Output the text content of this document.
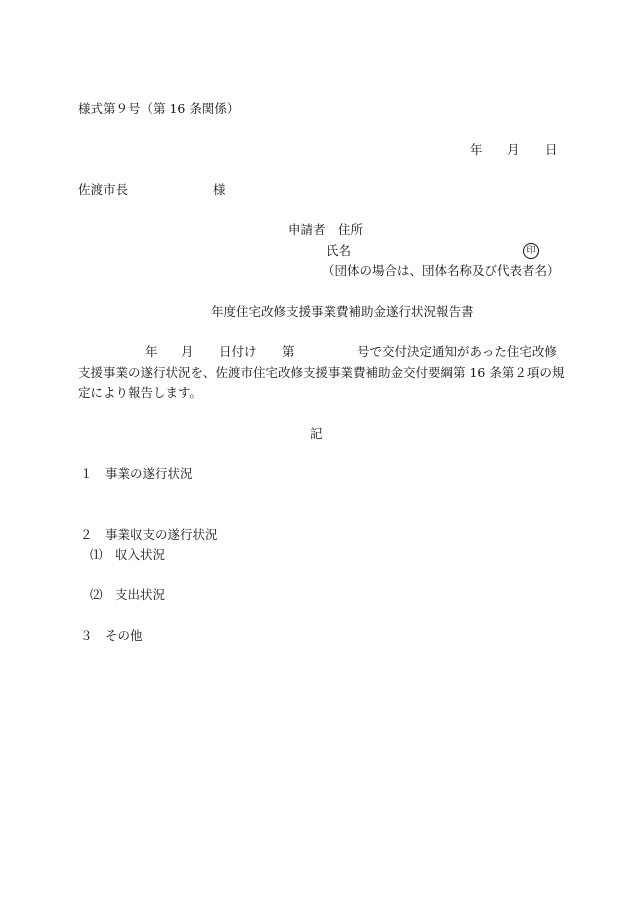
様式第９号（第 16 条関係）
年 月 日
佐渡市長	様
申請者 住所
氏名	印
（団体の場合は、団体名称及び代表者名）
年度住宅改修支援事業費補助金遂行状況報告書
年 月 日付け 第	号で交付決定通知があった住宅改修
支援事業の遂行状況を、佐渡市住宅改修支援事業費補助金交付要綱第 16 条第２項の規
定により報告します。
記
１　事業の遂行状況
２　事業収支の遂行状況
⑴　収入状況
⑵　支出状況
３　その他
